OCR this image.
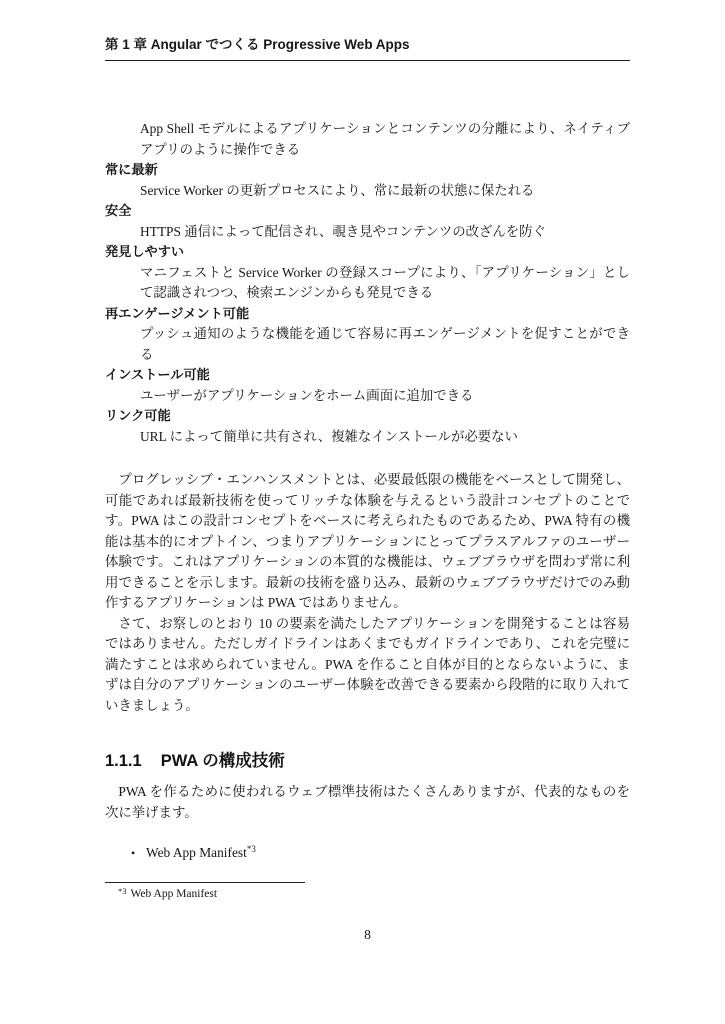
第 1 章 Angular でつくる Progressive Web Apps
App Shell モデルによるアプリケーションとコンテンツの分離により、ネイティブアプリのように操作できる
常に最新
Service Worker の更新プロセスにより、常に最新の状態に保たれる
安全
HTTPS 通信によって配信され、覗き見やコンテンツの改ざんを防ぐ
発見しやすい
マニフェストと Service Worker の登録スコープにより、「アプリケーション」として認識されつつ、検索エンジンからも発見できる
再エンゲージメント可能
プッシュ通知のような機能を通じて容易に再エンゲージメントを促すことができる
インストール可能
ユーザーがアプリケーションをホーム画面に追加できる
リンク可能
URL によって簡単に共有され、複雑なインストールが必要ない

プログレッシブ・エンハンスメントとは、必要最低限の機能をベースとして開発し、可能であれば最新技術を使ってリッチな体験を与えるという設計コンセプトのことです。PWA はこの設計コンセプトをベースに考えられたものであるため、PWA 特有の機能は基本的にオプトイン、つまりアプリケーションにとってプラスアルファのユーザー体験です。これはアプリケーションの本質的な機能は、ウェブブラウザを問わず常に利用できることを示します。最新の技術を盛り込み、最新のウェブブラウザだけでのみ動作するアプリケーションは PWA ではありません。

さて、お察しのとおり 10 の要素を満たしたアプリケーションを開発することは容易ではありません。ただしガイドラインはあくまでもガイドラインであり、これを完璧に満たすことは求められていません。PWA を作ること自体が目的とならないように、まずは自分のアプリケーションのユーザー体験を改善できる要素から段階的に取り入れていきましょう。

1.1.1 PWA の構成技術

PWA を作るために使われるウェブ標準技術はたくさんありますが、代表的なものを次に挙げます。

• Web App Manifest$^{*3}$
$^{*3}$ Web App Manifest
8
